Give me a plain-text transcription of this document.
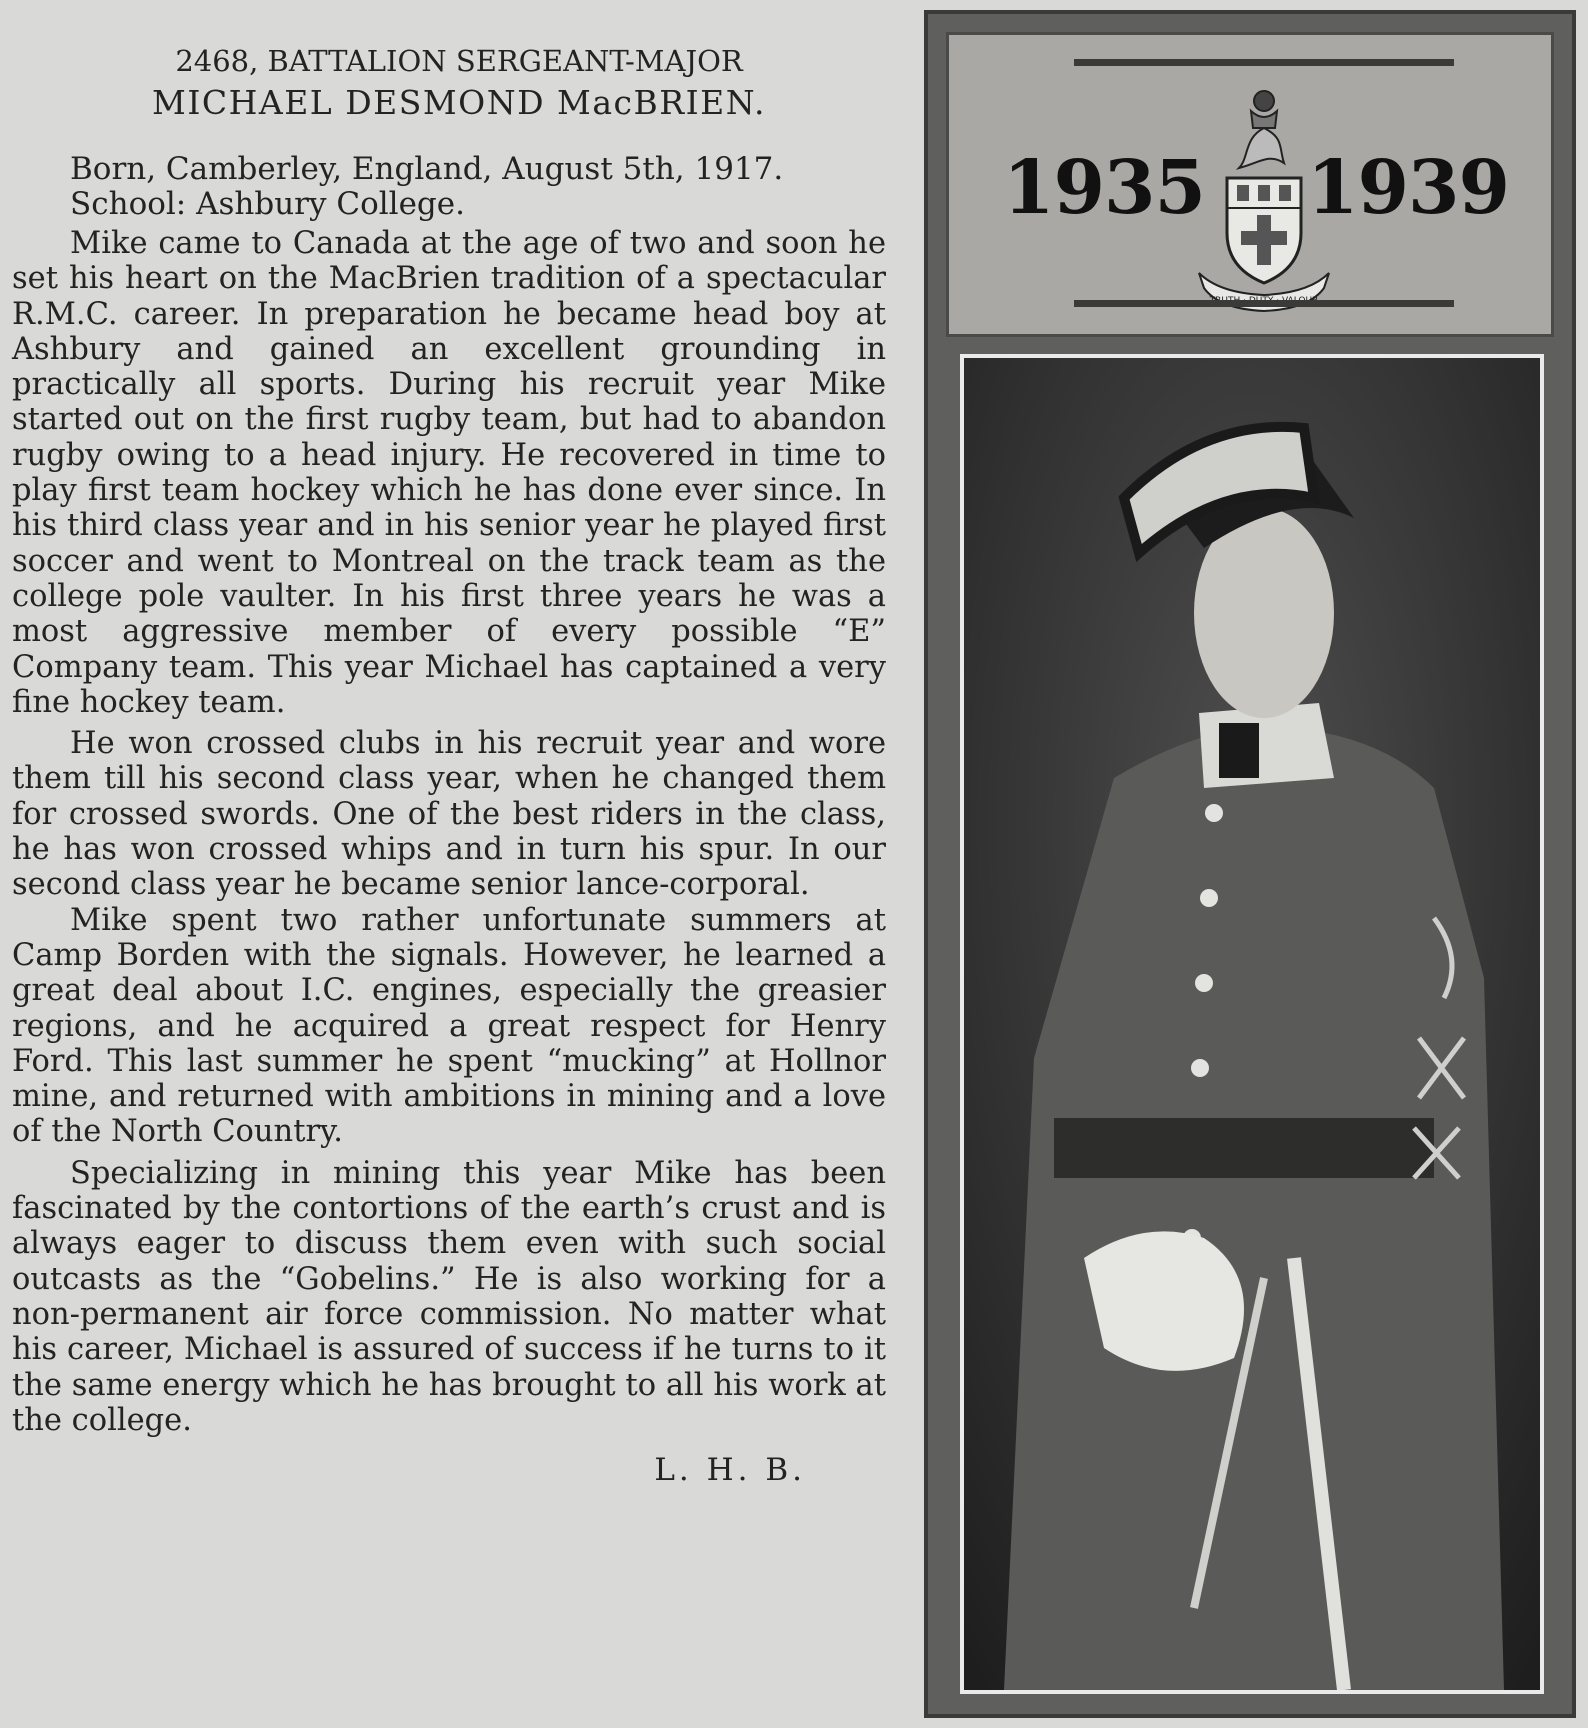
2468, BATTALION SERGEANT-MAJOR
MICHAEL DESMOND MacBRIEN.

Born, Camberley, England, August 5th, 1917.

School: Ashbury College.

Mike came to Canada at the age of two and soon he set his heart on the MacBrien tradition of a spectacular R.M.C. career. In preparation he became head boy at Ashbury and gained an excellent grounding in practically all sports. During his recruit year Mike started out on the first rugby team, but had to abandon rugby owing to a head injury. He recovered in time to play first team hockey which he has done ever since. In his third class year and in his senior year he played first soccer and went to Montreal on the track team as the college pole vaulter. In his first three years he was a most aggressive member of every possible “E” Company team. This year Michael has captained a very fine hockey team.

He won crossed clubs in his recruit year and wore them till his second class year, when he changed them for crossed swords. One of the best riders in the class, he has won crossed whips and in turn his spur. In our second class year he became senior lance-corporal.

Mike spent two rather unfortunate summers at Camp Borden with the signals. However, he learned a great deal about I.C. engines, especially the greasier regions, and he acquired a great respect for Henry Ford. This last summer he spent “mucking” at Hollnor mine, and returned with ambitions in mining and a love of the North Country.

Specializing in mining this year Mike has been fascinated by the contortions of the earth’s crust and is always eager to discuss them even with such social outcasts as the “Gobelins.” He is also working for a non-permanent air force commission. No matter what his career, Michael is assured of success if he turns to it the same energy which he has brought to all his work at the college.

L. H. B.

1935 1939
